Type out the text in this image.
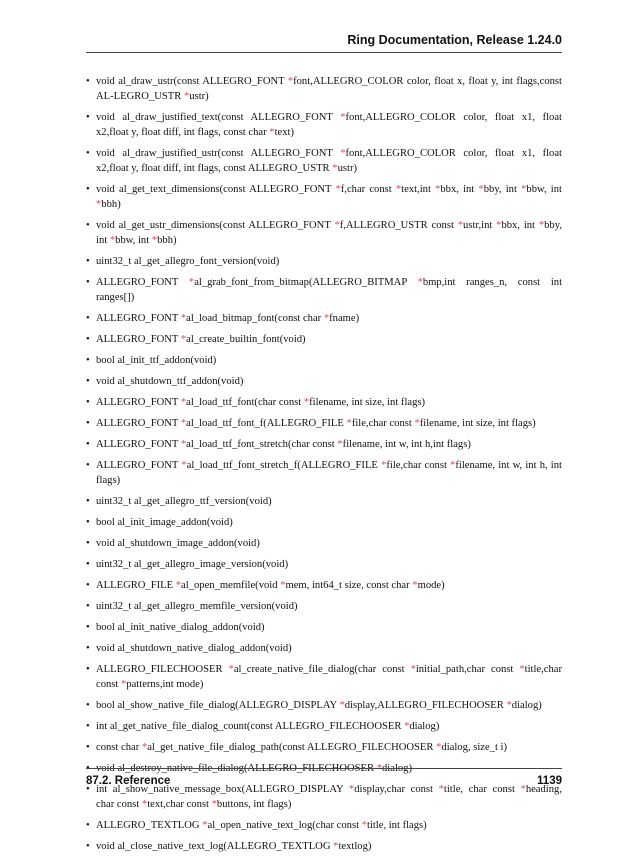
Ring Documentation, Release 1.24.0
• void al_draw_ustr(const ALLEGRO_FONT *font,ALLEGRO_COLOR color, float x, float y, int flags,const AL-LEGRO_USTR *ustr)
• void al_draw_justified_text(const ALLEGRO_FONT *font,ALLEGRO_COLOR color, float x1, float x2,float y, float diff, int flags, const char *text)
• void al_draw_justified_ustr(const ALLEGRO_FONT *font,ALLEGRO_COLOR color, float x1, float x2,float y, float diff, int flags, const ALLEGRO_USTR *ustr)
• void al_get_text_dimensions(const ALLEGRO_FONT *f,char const *text,int *bbx, int *bby, int *bbw, int *bbh)
• void al_get_ustr_dimensions(const ALLEGRO_FONT *f,ALLEGRO_USTR const *ustr,int *bbx, int *bby, int *bbw, int *bbh)
• uint32_t al_get_allegro_font_version(void)
• ALLEGRO_FONT *al_grab_font_from_bitmap(ALLEGRO_BITMAP *bmp,int ranges_n, const int ranges[])
• ALLEGRO_FONT *al_load_bitmap_font(const char *fname)
• ALLEGRO_FONT *al_create_builtin_font(void)
• bool al_init_ttf_addon(void)
• void al_shutdown_ttf_addon(void)
• ALLEGRO_FONT *al_load_ttf_font(char const *filename, int size, int flags)
• ALLEGRO_FONT *al_load_ttf_font_f(ALLEGRO_FILE *file,char const *filename, int size, int flags)
• ALLEGRO_FONT *al_load_ttf_font_stretch(char const *filename, int w, int h,int flags)
• ALLEGRO_FONT *al_load_ttf_font_stretch_f(ALLEGRO_FILE *file,char const *filename, int w, int h, int flags)
• uint32_t al_get_allegro_ttf_version(void)
• bool al_init_image_addon(void)
• void al_shutdown_image_addon(void)
• uint32_t al_get_allegro_image_version(void)
• ALLEGRO_FILE *al_open_memfile(void *mem, int64_t size, const char *mode)
• uint32_t al_get_allegro_memfile_version(void)
• bool al_init_native_dialog_addon(void)
• void al_shutdown_native_dialog_addon(void)
• ALLEGRO_FILECHOOSER *al_create_native_file_dialog(char const *initial_path,char const *title,char const *patterns,int mode)
• bool al_show_native_file_dialog(ALLEGRO_DISPLAY *display,ALLEGRO_FILECHOOSER *dialog)
• int al_get_native_file_dialog_count(const ALLEGRO_FILECHOOSER *dialog)
• const char *al_get_native_file_dialog_path(const ALLEGRO_FILECHOOSER *dialog, size_t i)
• void al_destroy_native_file_dialog(ALLEGRO_FILECHOOSER *dialog)
• int al_show_native_message_box(ALLEGRO_DISPLAY *display,char const *title, char const *heading, char const *text,char const *buttons, int flags)
• ALLEGRO_TEXTLOG *al_open_native_text_log(char const *title, int flags)
• void al_close_native_text_log(ALLEGRO_TEXTLOG *textlog)
87.2. Reference	1139
